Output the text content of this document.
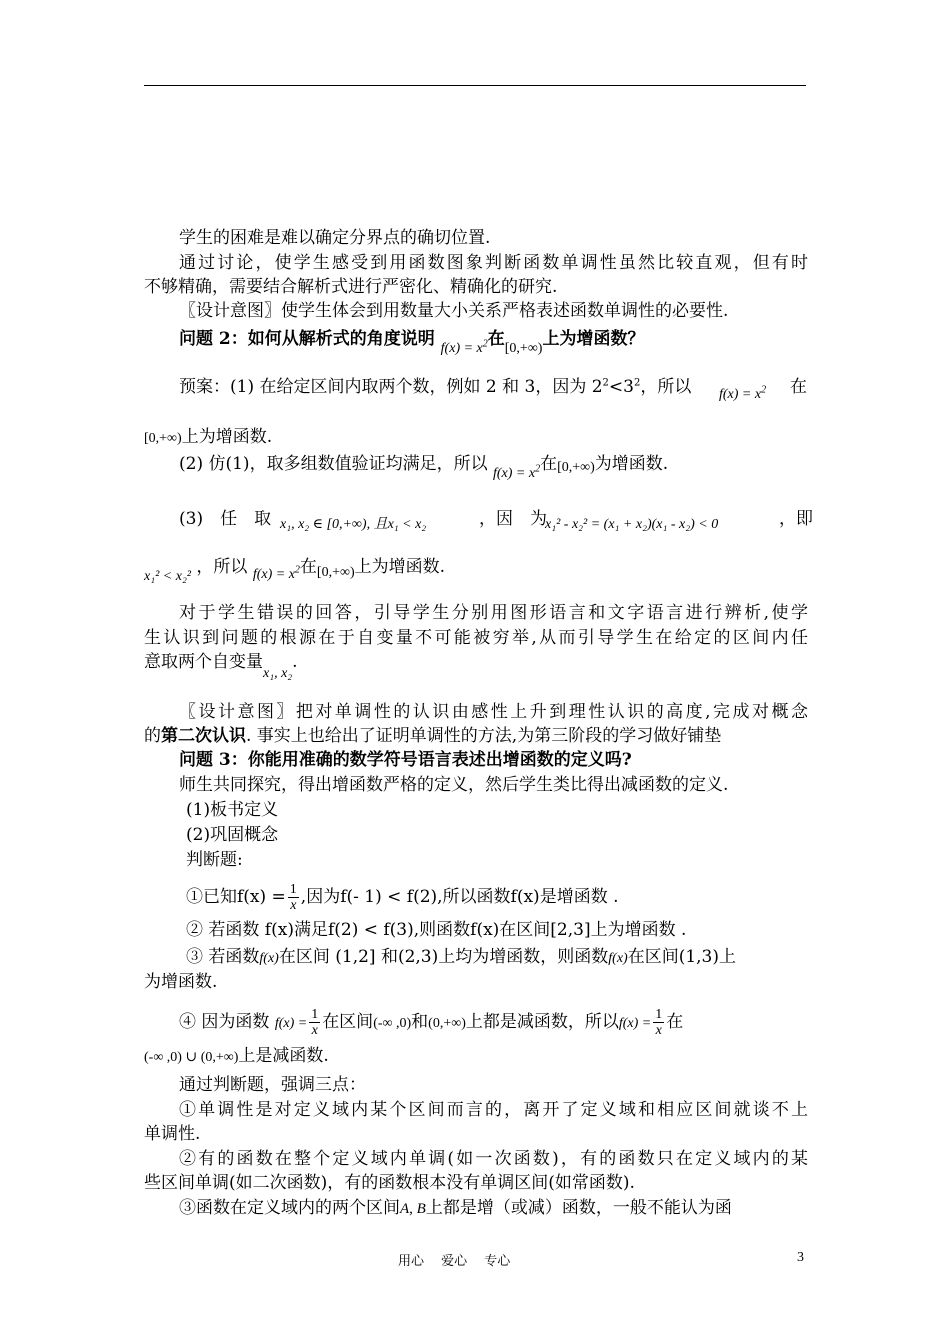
学生的困难是难以确定分界点的确切位置.
通过讨论，使学生感受到用函数图象判断函数单调性虽然比较直观，但有时
不够精确，需要结合解析式进行严密化、精确化的研究.
〖设计意图〗使学生体会到用数量大小关系严格表述函数单调性的必要性.
问题 2：如何从解析式的角度说明 $_{f(x) = x^2}$在$_{[0,+\infty)}$上为增函数？
预案：(1) 在给定区间内取两个数，例如 2 和 3，因为 $2^2<3^2$，所以 $f(x) = x^2$ 在
[0,+∞)上为增函数.
(2) 仿(1)，取多组数值验证均满足，所以 $_{f(x) = x^2}$在[0,+∞)为增函数.
(3)　任　取 x₁, x₂ ∈ [0,+∞), 且x₁ < x₂	，因　为
x₁² - x₂² = (x₁ + x₂)(x₁ - x₂) < 0	，即
$_{x_1^2 < x_2^2}$ ，所以 $_{f(x) = x^2}$在$_{[0,+\infty)}$上为增函数.
对于学生错误的回答，引导学生分别用图形语言和文字语言进行辨析,使学
生认识到问题的根源在于自变量不可能被穷举,从而引导学生在给定的区间内任
意取两个自变量$_{x_1, x_2}$.
〖设计意图〗把对单调性的认识由感性上升到理性认识的高度,完成对概念
的第二次认识. 事实上也给出了证明单调性的方法,为第三阶段的学习做好铺垫
问题 3：你能用准确的数学符号语言表述出增函数的定义吗?
师生共同探究，得出增函数严格的定义，然后学生类比得出减函数的定义.
(1)板书定义
(2)巩固概念
判断题:
①已知$f(x) = \frac{1}{x}$ ,因为f(- 1) < f(2),所以函数f(x)是增函数 .
② 若函数 f(x)满足f(2) < f(3),则函数f(x)在区间[2,3]上为增函数 .
③ 若函数f(x)在区间 (1,2] 和(2,3)上均为增函数，则函数f(x)在区间(1,3)上
为增函数.
④ 因为函数 $f(x) = \frac{1}{x}$ 在区间(-∞ ,0)和(0,+∞)上都是减函数，所以$f(x) = \frac{1}{x}$ 在
(-∞ ,0) ∪ (0,+∞)上是减函数.
通过判断题，强调三点：
①单调性是对定义域内某个区间而言的，离开了定义域和相应区间就谈不上
单调性.
②有的函数在整个定义域内单调(如一次函数)，有的函数只在定义域内的某
些区间单调(如二次函数)，有的函数根本没有单调区间(如常函数).
③函数在定义域内的两个区间A, B上都是增（或减）函数，一般不能认为函
用心　 爱心　 专心	3
